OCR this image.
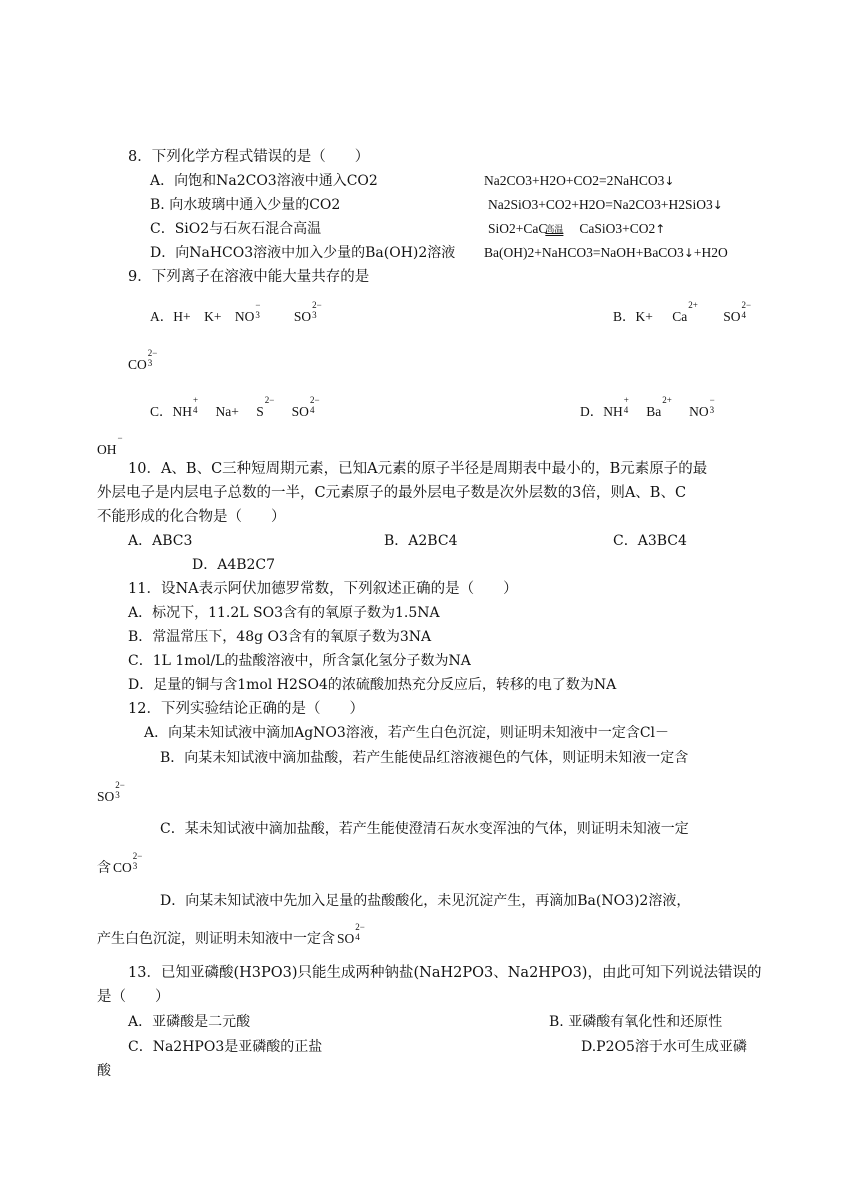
8．下列化学方程式错误的是（　　）
A．向饱和Na2CO3溶液中通入CO2	Na2CO3+H2O+CO2=2NaHCO3↓
B. 向水玻璃中通入少量的CO2	Na2SiO3+CO2+H2O=Na2CO3+H2SiO3↓
C．SiO2与石灰石混合高温	SiO2+CaC高温 CaSiO3+CO2↑
D．向NaHCO3溶液中加入少量的Ba(OH)2溶液 Ba(OH)2+NaHCO3=NaOH+BaCO3↓+H2O
9．下列离子在溶液中能大量共存的是
A．H+　K+ NO
−
3	SO
2−
3	B．K+ Ca
2+

SO
2−
4
CO
2−
3
C．NH
+
4 Na+ S
2−

SO
2−
4	D．NH
+
4 Ba
2+

NO
−
3
OH
−

10．A、B、C三种短周期元素，已知A元素的原子半径是周期表中最小的，B元素原子的最
外层电子是内层电子总数的一半，C元素原子的最外层电子数是次外层数的3倍，则A、B、C
不能形成的化合物是（　　）
A．ABC3	B．A2BC4	C．A3BC4
D．A4B2C7
11．设NA表示阿伏加德罗常数，下列叙述正确的是（　　）
A．标况下，11.2L SO3含有的氧原子数为1.5NA
B．常温常压下，48g O3含有的氧原子数为3NA
C．1L 1mol/L的盐酸溶液中，所含氯化氢分子数为NA
D．足量的铜与含1mol H2SO4的浓硫酸加热充分反应后，转移的电了数为NA
12．下列实验结论正确的是（　　）
A．向某未知试液中滴加AgNO3溶液，若产生白色沉淀，则证明未知液中一定含Cl－
B．向某未知试液中滴加盐酸，若产生能使品红溶液褪色的气体，则证明未知液一定含
SO
2−
3
C．某未知试液中滴加盐酸，若产生能使澄清石灰水变浑浊的气体，则证明未知液一定
含 CO
2−
3
D．向某未知试液中先加入足量的盐酸酸化，未见沉淀产生，再滴加Ba(NO3)2溶液，
产生白色沉淀，则证明未知液中一定含 SO
2−
4
13．已知亚磷酸(H3PO3)只能生成两种钠盐(NaH2PO3、Na2HPO3)，由此可知下列说法错误的
是（　　）
A．亚磷酸是二元酸	B. 亚磷酸有氧化性和还原性
C．Na2HPO3是亚磷酸的正盐	D.P2O5溶于水可生成亚磷
酸
